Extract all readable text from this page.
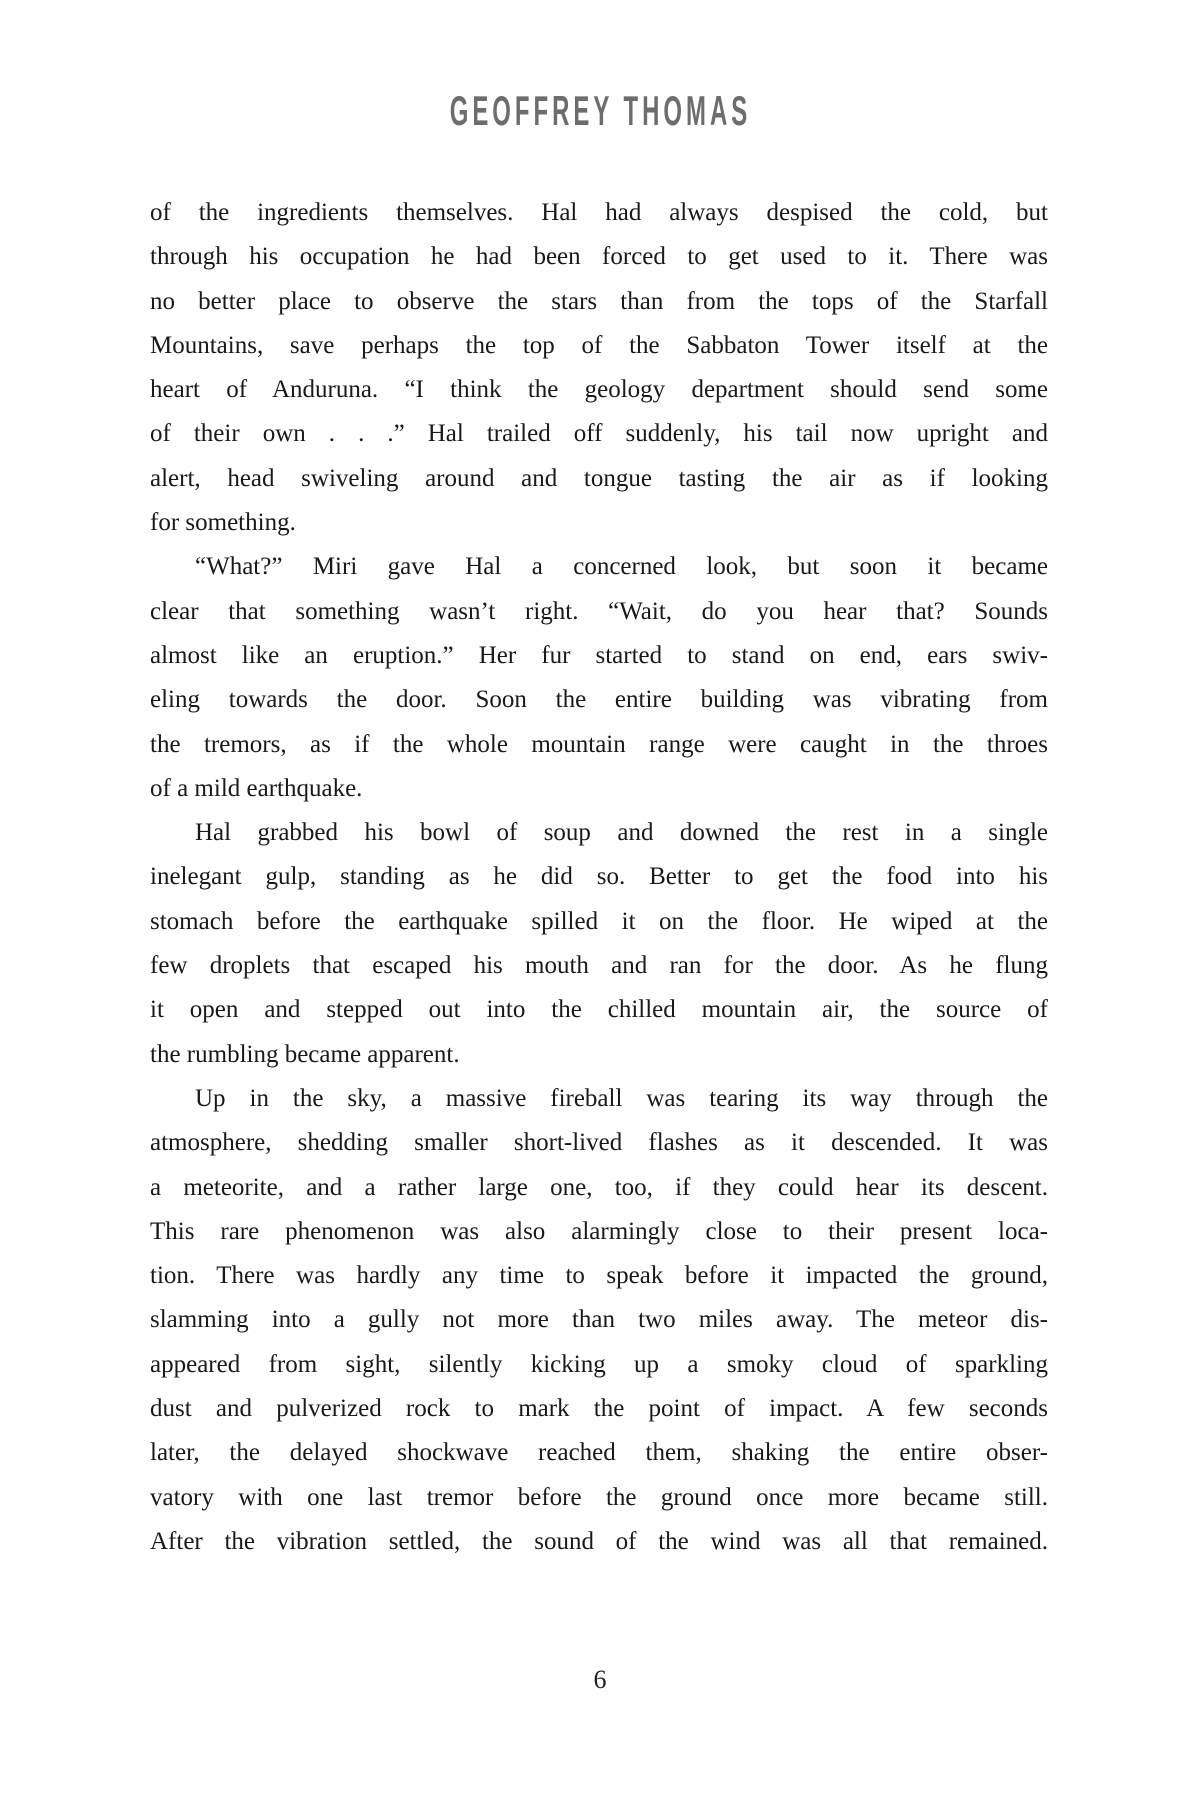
GEOFFREY THOMAS
of the ingredients themselves. Hal had always despised the cold, but
through his occupation he had been forced to get used to it. There was
no better place to observe the stars than from the tops of the Starfall
Mountains, save perhaps the top of the Sabbaton Tower itself at the
heart of Anduruna. “I think the geology department should send some
of their own . . .” Hal trailed off suddenly, his tail now upright and
alert, head swiveling around and tongue tasting the air as if looking
for something.
“What?” Miri gave Hal a concerned look, but soon it became
clear that something wasn’t right. “Wait, do you hear that? Sounds
almost like an eruption.” Her fur started to stand on end, ears swiv-
eling towards the door. Soon the entire building was vibrating from
the tremors, as if the whole mountain range were caught in the throes
of a mild earthquake.
Hal grabbed his bowl of soup and downed the rest in a single
inelegant gulp, standing as he did so. Better to get the food into his
stomach before the earthquake spilled it on the floor. He wiped at the
few droplets that escaped his mouth and ran for the door. As he flung
it open and stepped out into the chilled mountain air, the source of
the rumbling became apparent.
Up in the sky, a massive fireball was tearing its way through the
atmosphere, shedding smaller short-lived flashes as it descended. It was
a meteorite, and a rather large one, too, if they could hear its descent.
This rare phenomenon was also alarmingly close to their present loca-
tion. There was hardly any time to speak before it impacted the ground,
slamming into a gully not more than two miles away. The meteor dis-
appeared from sight, silently kicking up a smoky cloud of sparkling
dust and pulverized rock to mark the point of impact. A few seconds
later, the delayed shockwave reached them, shaking the entire obser-
vatory with one last tremor before the ground once more became still.
After the vibration settled, the sound of the wind was all that remained.
6
